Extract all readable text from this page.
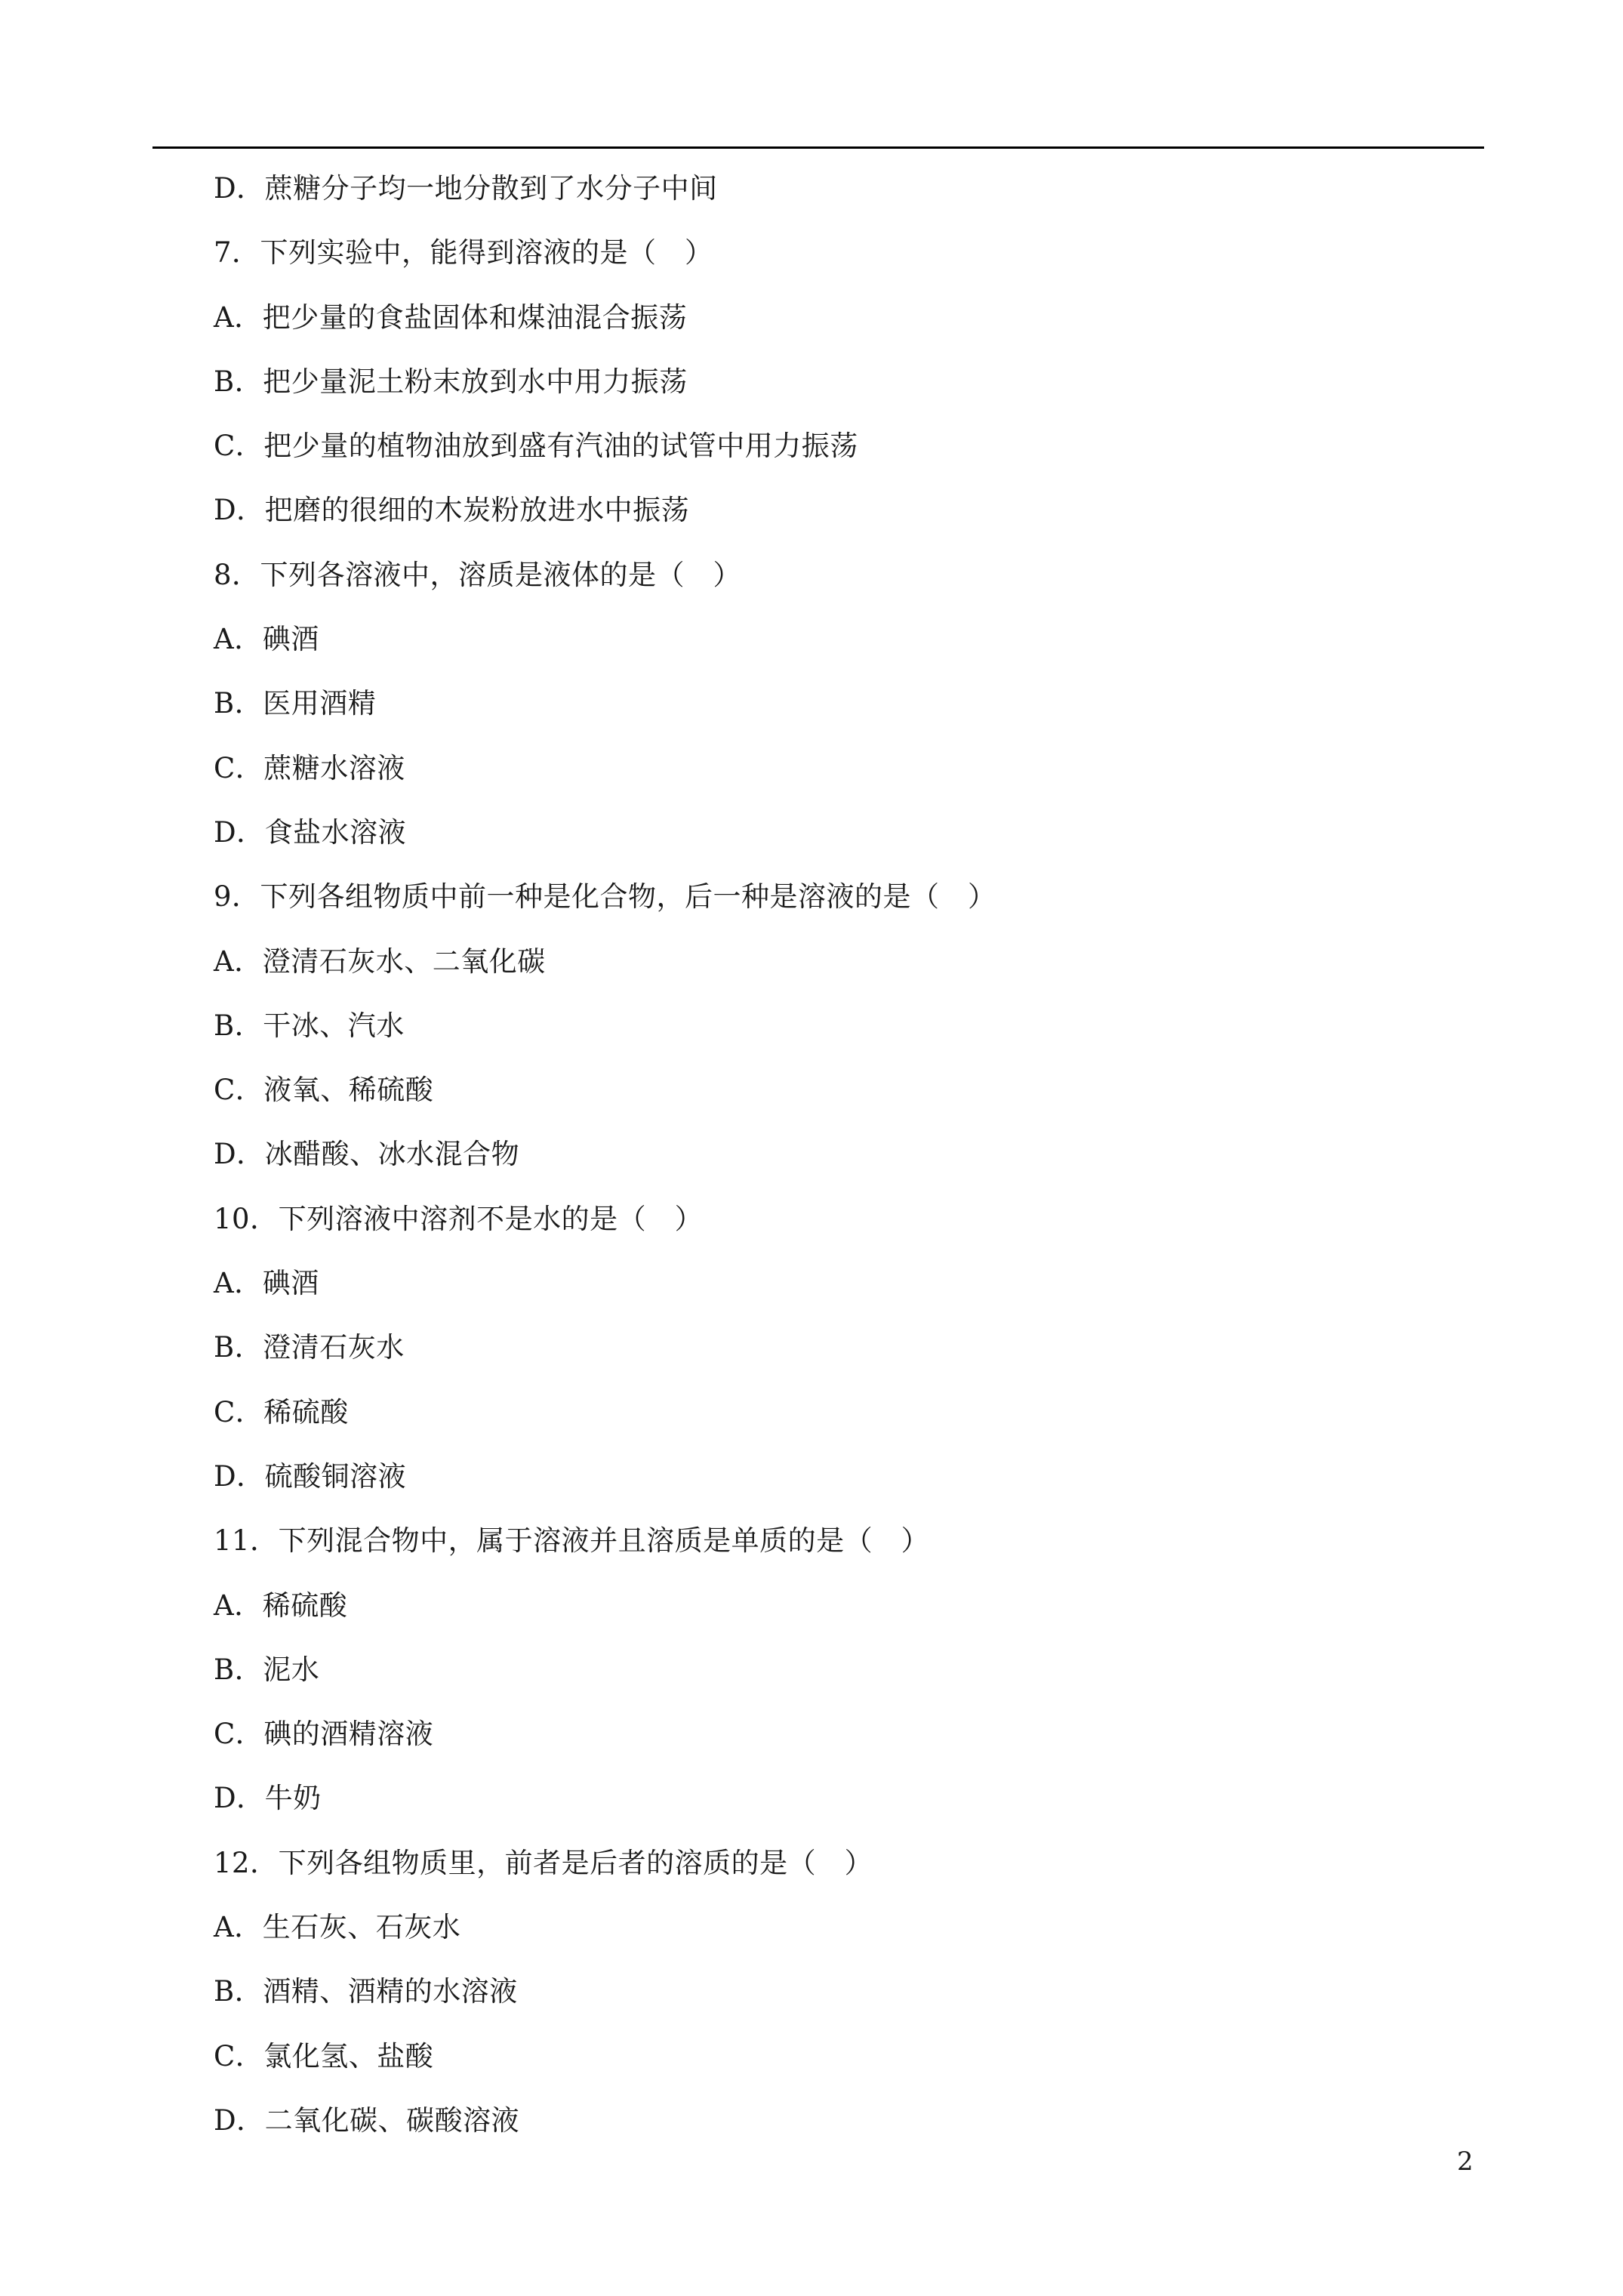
D．蔗糖分子均一地分散到了水分子中间
7．下列实验中，能得到溶液的是（　）
A．把少量的食盐固体和煤油混合振荡
B．把少量泥土粉末放到水中用力振荡
C．把少量的植物油放到盛有汽油的试管中用力振荡
D．把磨的很细的木炭粉放进水中振荡
8．下列各溶液中，溶质是液体的是（　）
A．碘酒
B．医用酒精
C．蔗糖水溶液
D．食盐水溶液
9．下列各组物质中前一种是化合物，后一种是溶液的是（　）
A．澄清石灰水、二氧化碳
B．干冰、汽水
C．液氧、稀硫酸
D．冰醋酸、冰水混合物
10．下列溶液中溶剂不是水的是（　）
A．碘酒
B．澄清石灰水
C．稀硫酸
D．硫酸铜溶液
11．下列混合物中，属于溶液并且溶质是单质的是（　）
A．稀硫酸
B．泥水
C．碘的酒精溶液
D．牛奶
12．下列各组物质里，前者是后者的溶质的是（　）
A．生石灰、石灰水
B．酒精、酒精的水溶液
C．氯化氢、盐酸
D．二氧化碳、碳酸溶液
2
